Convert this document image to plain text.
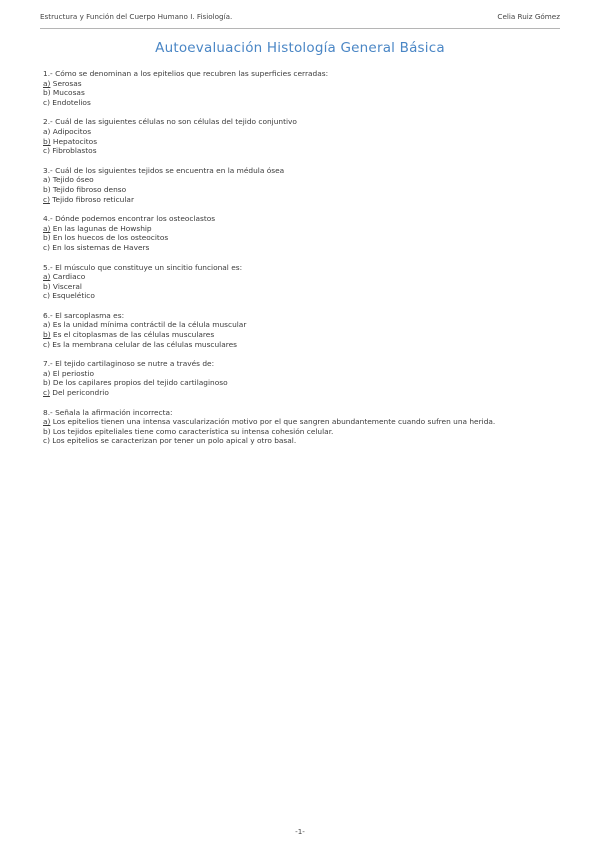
Estructura y Función del Cuerpo Humano I. Fisiología.	Celia Ruiz Gómez
Autoevaluación Histología General Básica
1.- Cómo se denominan a los epitelios que recubren las superficies cerradas:
a) Serosas
b) Mucosas
c) Endotelios
2.- Cuál de las siguientes células no son células del tejido conjuntivo
a) Adipocitos
b) Hepatocitos
c) Fibroblastos
3.- Cuál de los siguientes tejidos se encuentra en la médula ósea
a) Tejido óseo
b) Tejido fibroso denso
c) Tejido fibroso reticular
4.- Dónde podemos encontrar los osteoclastos
a) En las lagunas de Howship
b) En los huecos de los osteocitos
c) En los sistemas de Havers
5.- El músculo que constituye un sincitio funcional es:
a) Cardiaco
b) Visceral
c) Esquelético
6.- El sarcoplasma es:
a) Es la unidad mínima contráctil de la célula muscular
b) Es el citoplasmas de las células musculares
c) Es la membrana celular de las células musculares
7.- El tejido cartilaginoso se nutre a través de:
a) El periostio
b) De los capilares propios del tejido cartilaginoso
c) Del pericondrio
8.- Señala la afirmación incorrecta:
a) Los epitelios tienen una intensa vascularización motivo por el que sangren abundantemente cuando sufren una herida.
b) Los tejidos epiteliales tiene como característica su intensa cohesión celular.
c) Los epitelios se caracterizan por tener un polo apical y otro basal.
-1-
